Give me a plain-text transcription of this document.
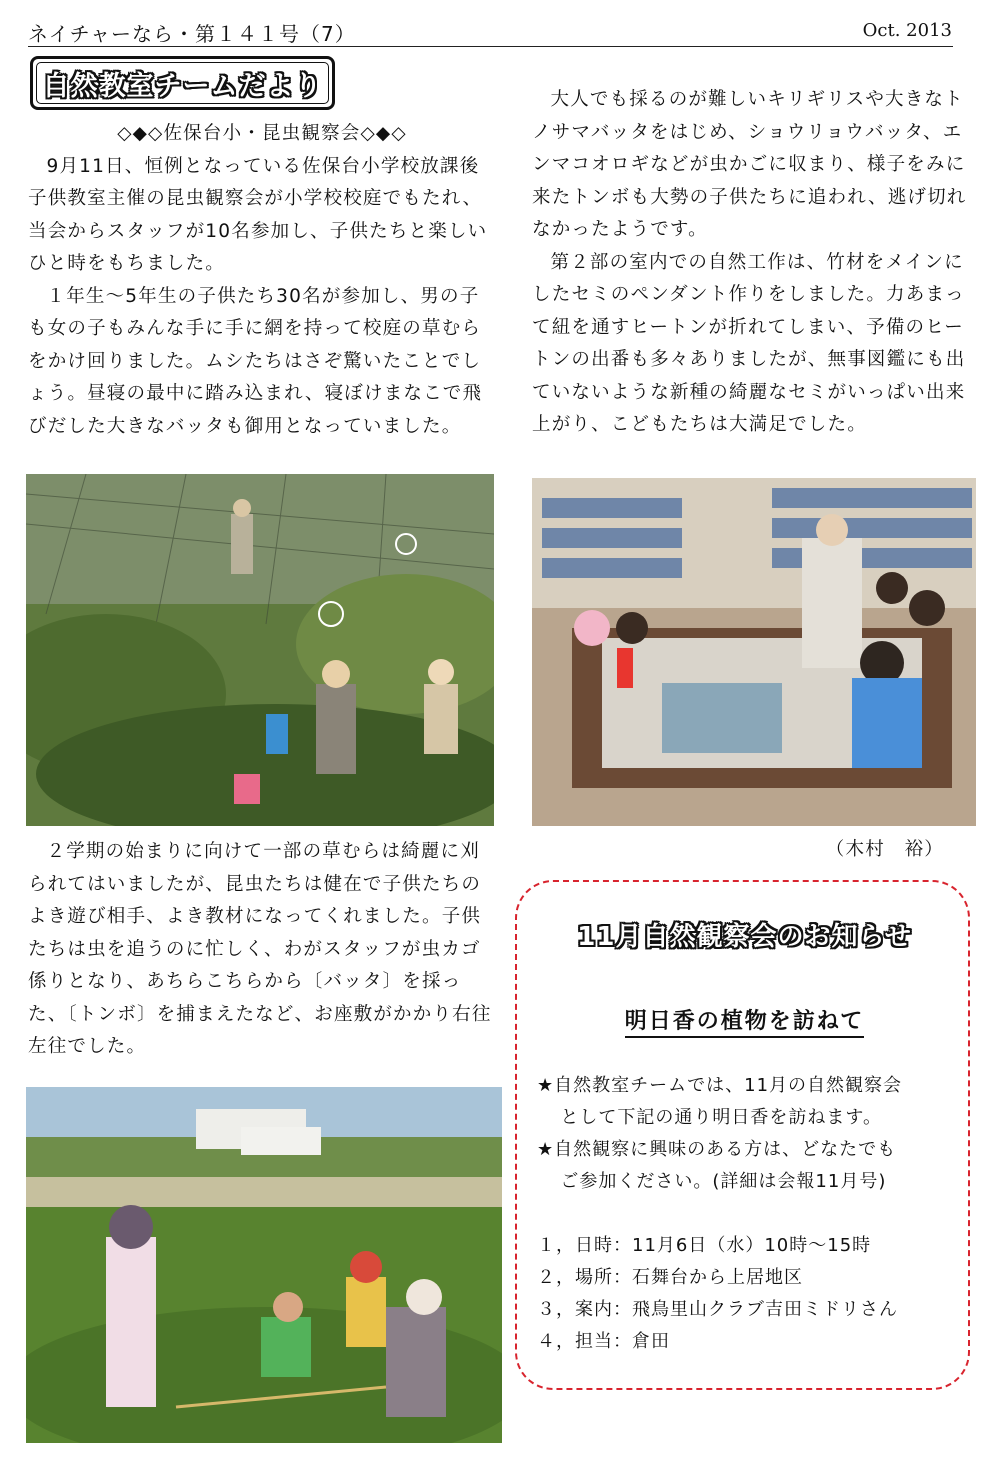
ネイチャーなら・第１４１号（7）	Oct. 2013
自然教室チームだより
◇◆◇佐保台小・昆虫観察会◇◆◇

9月11日、恒例となっている佐保台小学校放課後子供教室主催の昆虫観察会が小学校校庭でもたれ、当会からスタッフが10名参加し、子供たちと楽しいひと時をもちました。

１年生～5年生の子供たち30名が参加し、男の子も女の子もみんな手に手に網を持って校庭の草むらをかけ回りました。ムシたちはさぞ驚いたことでしょう。昼寝の最中に踏み込まれ、寝ぼけまなこで飛びだした大きなバッタも御用となっていました。

２学期の始まりに向けて一部の草むらは綺麗に刈られてはいましたが、昆虫たちは健在で子供たちのよき遊び相手、よき教材になってくれました。子供たちは虫を追うのに忙しく、わがスタッフが虫カゴ係りとなり、あちらこちらから〔バッタ〕を採った、〔トンボ〕を捕まえたなど、お座敷がかかり右往左往でした。

大人でも採るのが難しいキリギリスや大きなトノサマバッタをはじめ、ショウリョウバッタ、エンマコオロギなどが虫かごに収まり、様子をみに来たトンボも大勢の子供たちに追われ、逃げ切れなかったようです。

第２部の室内での自然工作は、竹材をメインにしたセミのペンダント作りをしました。力あまって紐を通すヒートンが折れてしまい、予備のヒートンの出番も多々ありましたが、無事図鑑にも出ていないような新種の綺麗なセミがいっぱい出来上がり、こどもたちは大満足でした。

（木村　裕）
11月自然観察会のお知らせ
明日香の植物を訪ねて
★自然教室チームでは、11月の自然観察会
として下記の通り明日香を訪ねます。
★自然観察に興味のある方は、どなたでも
ご参加ください。(詳細は会報11月号)
１，日時：11月6日（水）10時～15時
２，場所：石舞台から上居地区
３，案内：飛鳥里山クラブ吉田ミドリさん
４，担当：倉田
